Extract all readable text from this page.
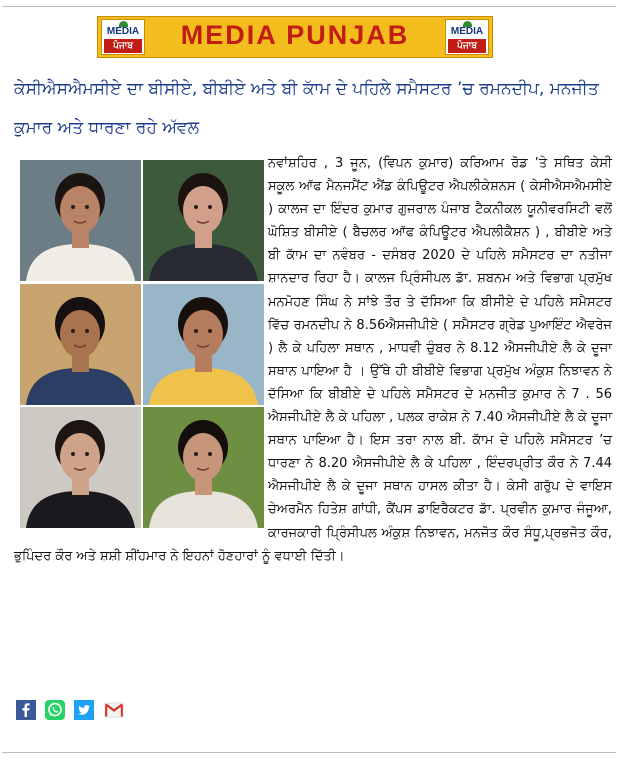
MEDIA
ਪੰਜਾਬ	MEDIA PUNJAB	MEDIA
ਪੰਜਾਬ
ਕੇਸੀਐਸਐਮਸੀਏ ਦਾ ਬੀਸੀਏ, ਬੀਬੀਏ ਅਤੇ ਬੀ ਕਾੱਮ ਦੇ ਪਹਿਲੇ ਸਮੈਸਟਰ ’ਚ ਰਮਨਦੀਪ, ਮਨਜੀਤ ਕੁਮਾਰ ਅਤੇ ਧਾਰਣਾ ਰਹੇ ਅੱਵਲ
ਨਵਾਂਸ਼ਹਿਰ , 3 ਜੂਨ, (ਵਿਪਨ ਕੁਮਾਰ) ਕਰਿਆਮ ਰੋਡ ’ਤੇ ਸਥਿਤ ਕੇਸੀ ਸਕੂਲ ਆੱਫ ਮੈਨਜਮੈਂਟ ਐਂਡ ਕੰਪਿਊਟਰ ਐਪਲੀਕੇਸ਼ਨਸ ( ਕੇਸੀਐਸਐਮਸੀਏ ) ਕਾਲਜ ਦਾ ਇੰਦਰ ਕੁਮਾਰ ਗੁਜਰਾਲ ਪੰਜਾਬ ਟੈਕਨੀਕਲ ਯੂਨੀਵਰਸਿਟੀ ਵਲੋਂ ਘੋਸ਼ਿਤ ਬੀਸੀਏ ( ਬੈਚਲਰ ਆੱਫ ਕੰਪਿਊਟਰ ਐਪਲੀਕੈਸ਼ਨ ) , ਬੀਬੀਏ ਅਤੇ ਬੀ ਕਾੱਮ ਦਾ ਨਵੰਬਰ - ਦਸੰਬਰ 2020 ਦੇ ਪਹਿਲੇ ਸਮੈਸਟਰ ਦਾ ਨਤੀਜਾ ਸ਼ਾਨਦਾਰ ਰਿਹਾ ਹੈ। ਕਾਲਜ ਪ੍ਰਿੰਸੀਪਲ ਡਾੱ. ਸ਼ਬਨਮ ਅਤੇ ਵਿਭਾਗ ਪ੍ਰਮੁੱਖ ਮਨਮੋਹਣ ਸਿੰਘ ਨੇ ਸਾਂਝੇ ਤੌਰ ਤੇ ਦੱਸਿਆ ਕਿ ਬੀਸੀਏ ਦੇ ਪਹਿਲੇ ਸਮੈਸਟਰ ਵਿੱਚ ਰਮਨਦੀਪ ਨੇ 8.56ਐਸਜੀਪੀਏ ( ਸਮੈਸਟਰ ਗ੍ਰੇਡ ਪੁਆਇੰਟ ਐਵਰੇਜ ) ਲੈ ਕੇ ਪਹਿਲਾ ਸਥਾਨ , ਮਾਧਵੀ ਚੁੰਬਰ ਨੇ 8.12 ਐਸਜੀਪੀਏ ਲੈ ਕੇ ਦੂਜਾ ਸਥਾਨ ਪਾਇਆ ਹੈ । ਉੱਥੇ ਹੀ ਬੀਬੀਏ ਵਿਭਾਗ ਪ੍ਰਮੁੱਖ ਅੰਕੁਸ਼ ਨਿਝਾਵਨ ਨੇ ਦੱਸਿਆ ਕਿ ਬੀਬੀਏ ਦੇ ਪਹਿਲੇ ਸਮੈਸਟਰ ਦੇ ਮਨਜੀਤ ਕੁਮਾਰ ਨੇ 7 . 56 ਐਸਜੀਪੀਏ ਲੈ ਕੇ ਪਹਿਲਾ , ਪਲਕ ਰਾਕੇਸ਼ ਨੇ 7.40 ਐਸਜੀਪੀਏ ਲੈ ਕੇ ਦੂਜਾ ਸਥਾਨ ਪਾਇਆ ਹੈ। ਇਸ ਤਰਾ ਨਾਲ ਬੀ. ਕਾੱਮ ਦੇ ਪਹਿਲੇ ਸਮੈਸਟਰ ’ਚ ਧਾਰਣਾ ਨੇ 8.20 ਐਸਜੀਪੀਏ ਲੈ ਕੇ ਪਹਿਲਾ , ਇੰਦਰਪ੍ਰੀਤ ਕੌਰ ਨੇ 7.44 ਐਸਜੀਪੀਏ ਲੈ ਕੇ ਦੂਜਾ ਸਥਾਨ ਹਾਸਲ ਕੀਤਾ ਹੈ। ਕੇਸੀ ਗਰੁੱਪ ਦੇ ਵਾਇਸ ਚੇਅਰਮੈਨ ਹਿਤੇਸ਼ ਗਾਂਧੀ, ਕੈਂਪਸ ਡਾਇਰੈਕਟਰ ਡਾੱ. ਪ੍ਰਵੀਨ ਕੁਮਾਰ ਜੰਜੂਆ, ਕਾਰਜਕਾਰੀ ਪ੍ਰਿੰਸੀਪਲ ਅੰਕੁਸ਼ ਨਿਝਾਵਨ, ਮਨਜੋਤ ਕੌਰ ਸੰਧੂ,ਪ੍ਰਭਜੋਤ ਕੌਰ, ਭੁਪਿੰਦਰ ਕੌਰ ਅਤੇ ਸ਼ਸ਼ੀ ਸ਼ੀਂਹਮਾਰ ਨੇ ਇਹਨਾਂ ਹੋਣਹਾਰਾਂ ਨੂੰ ਵਧਾਈ ਦਿੱਤੀ।
